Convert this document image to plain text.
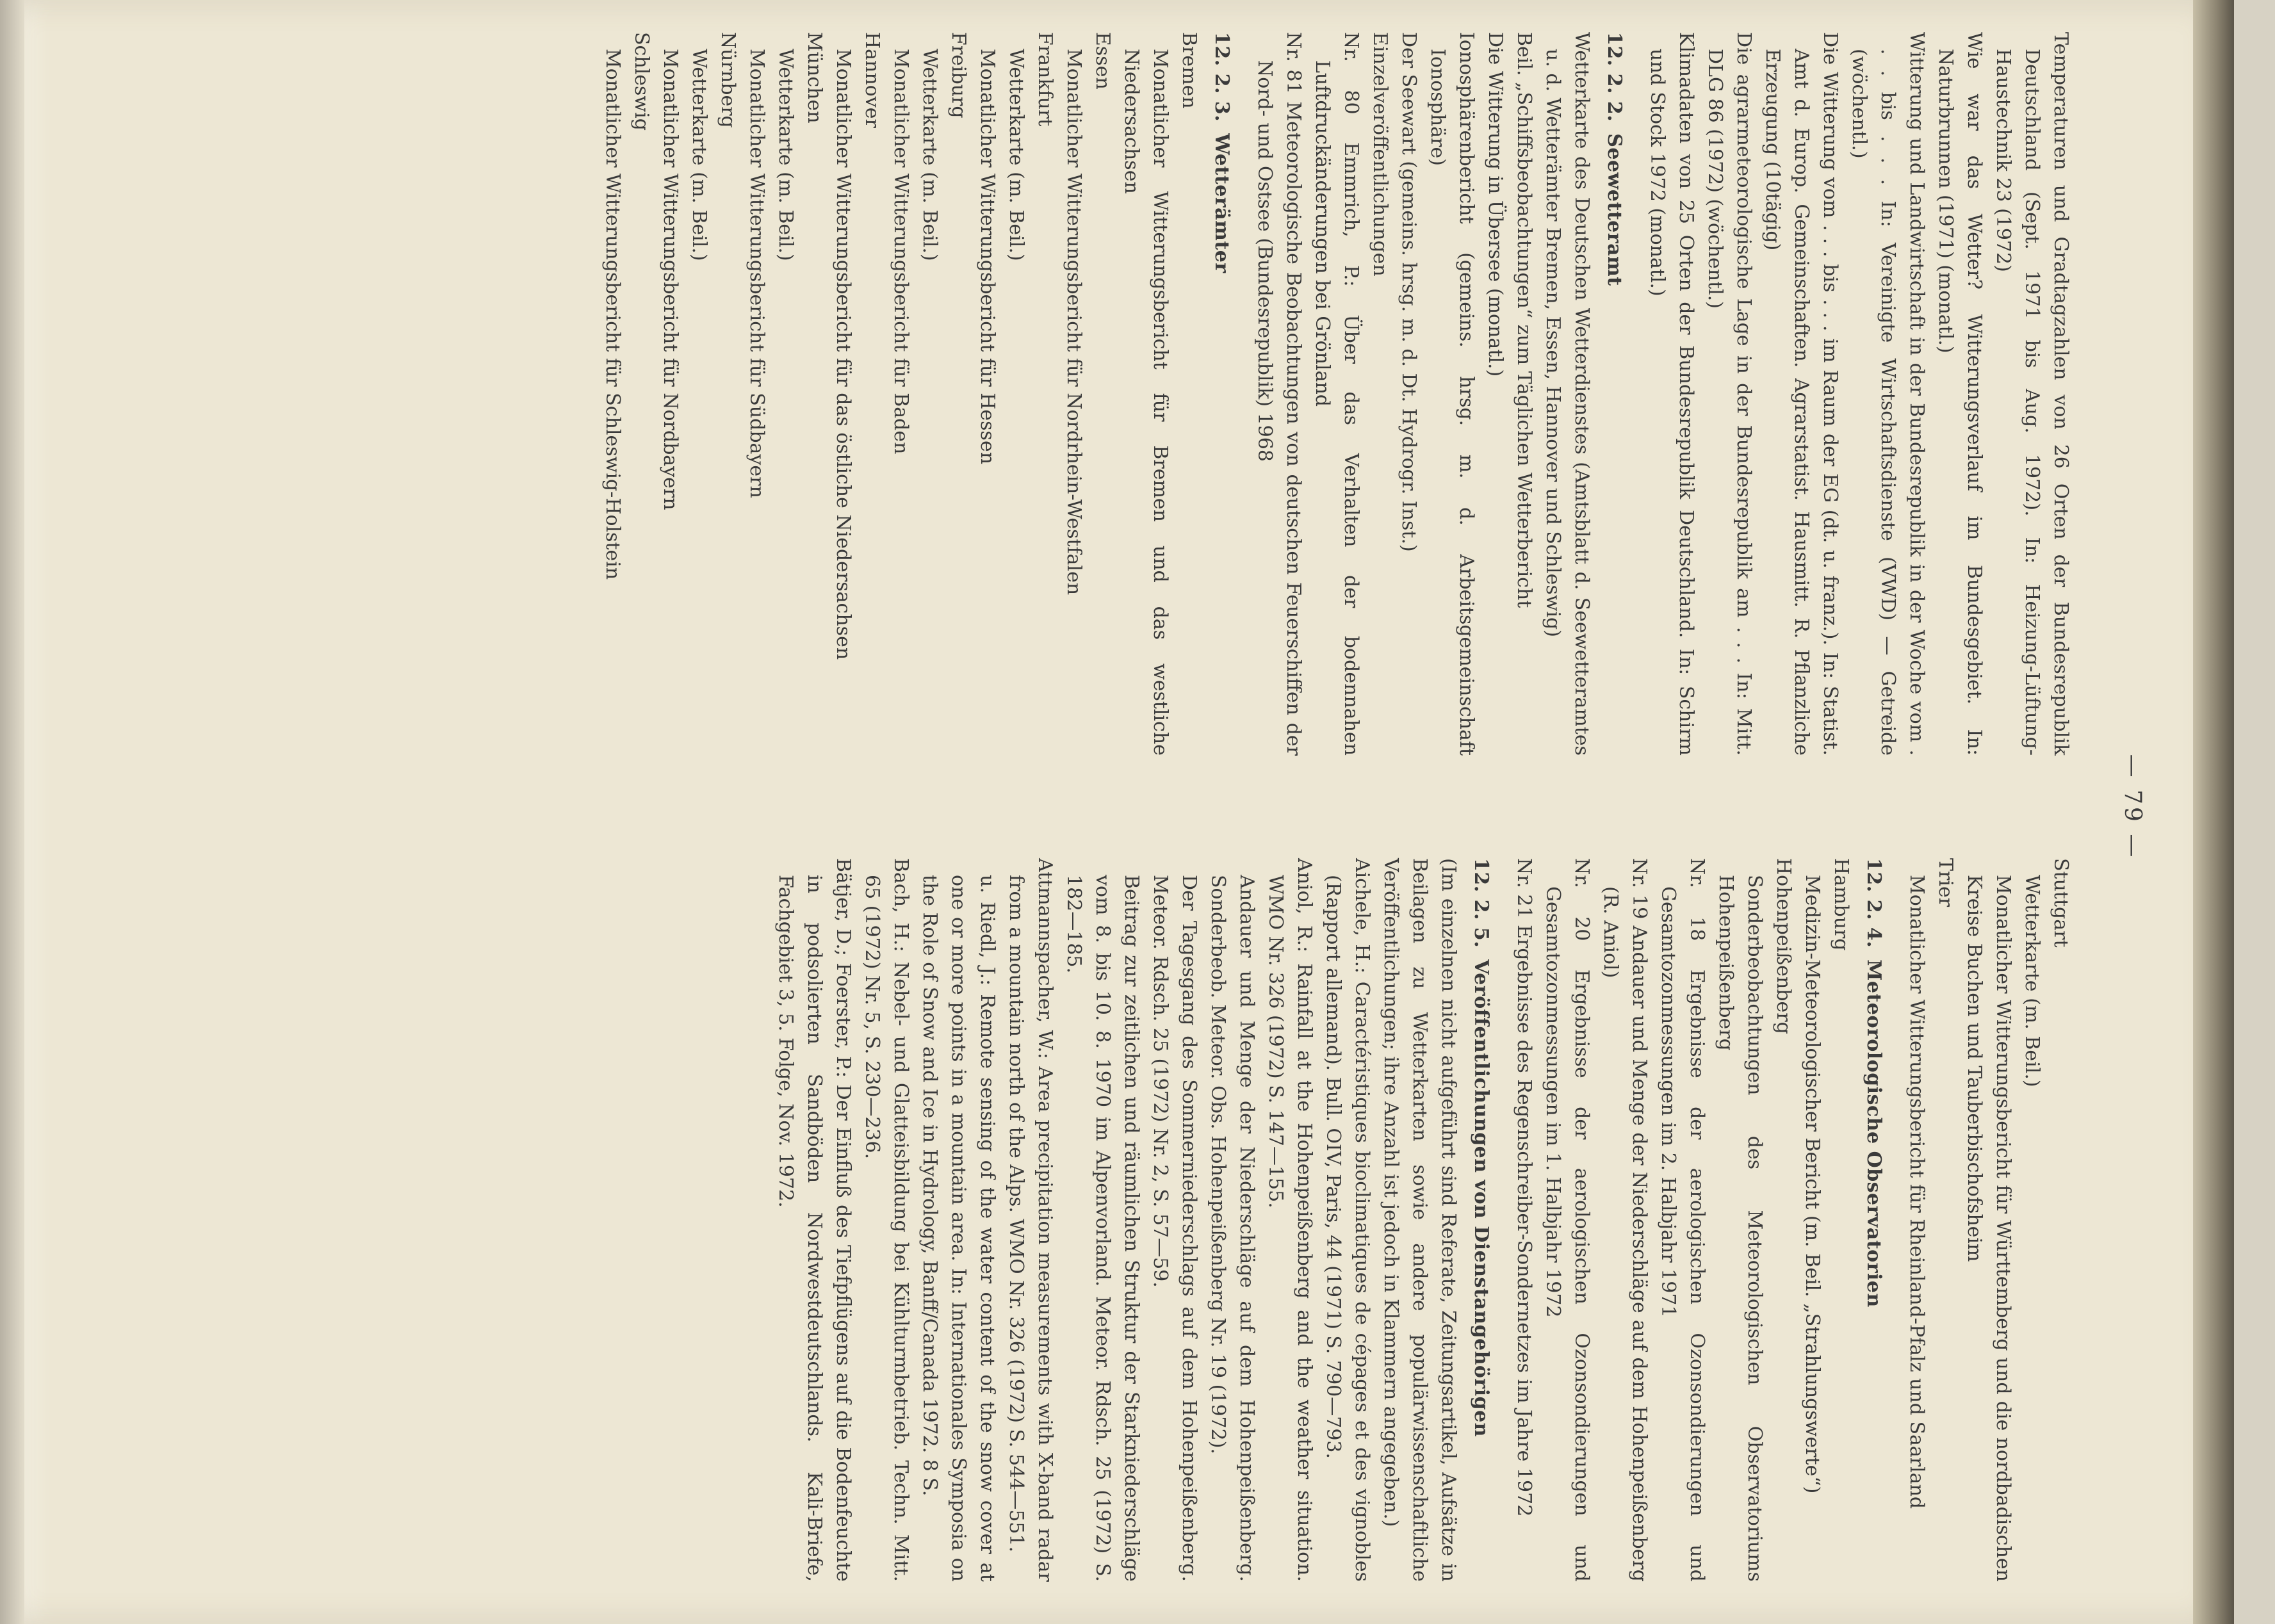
— 79 —

Temperaturen und Gradtagzahlen von 26 Orten der Bundesrepublik Deutschland (Sept. 1971 bis Aug. 1972). In: Heizung-Lüftung-Haustechnik 23 (1972)

Wie war das Wetter? Witterungsverlauf im Bundesgebiet. In: Naturbrunnen (1971) (monatl.)

Witterung und Landwirtschaft in der Bundesrepublik in der Woche vom . . . bis . . . In: Vereinigte Wirtschaftsdienste (VWD) — Getreide (wöchentl.)

Die Witterung vom . . . bis . . . im Raum der EG (dt. u. franz.). In: Statist. Amt d. Europ. Gemeinschaften. Agrarstatist. Hausmitt. R. Pflanzliche Erzeugung (10tägig)

Die agrarmeteorologische Lage in der Bundesrepublik am . . . In: Mitt. DLG 86 (1972) (wöchentl.)

Klimadaten von 25 Orten der Bundesrepublik Deutschland. In: Schirm und Stock 1972 (monatl.)

12. 2. 2.Seewetteramt

Wetterkarte des Deutschen Wetterdienstes (Amtsblatt d. Seewetteramtes u. d. Wetterämter Bremen, Essen, Hannover und Schleswig)

Beil. „Schiffsbeobachtungen“ zum Täglichen Wetterbericht

Die Witterung in Übersee (monatl.)

Ionosphärenbericht (gemeins. hrsg. m. d. Arbeitsgemeinschaft Ionosphäre)

Der Seewart (gemeins. hrsg. m. d. Dt. Hydrogr. Inst.)

Einzelveröffentlichungen

Nr. 80 Emmrich, P.: Über das Verhalten der bodennahen Luftdruckänderungen bei Grönland

Nr. 81 Meteorologische Beobachtungen von deutschen Feuerschiffen der Nord- und Ostsee (Bundesrepublik) 1968

12. 2. 3.Wetterämter

Bremen

Monatlicher Witterungsbericht für Bremen und das westliche Niedersachsen

Essen

Monatlicher Witterungsbericht für Nordrhein-Westfalen

Frankfurt

Wetterkarte (m. Beil.)

Monatlicher Witterungsbericht für Hessen

Freiburg

Wetterkarte (m. Beil.)

Monatlicher Witterungsbericht für Baden

Hannover

Monatlicher Witterungsbericht für das östliche Niedersachsen

München

Wetterkarte (m. Beil.)

Monatlicher Witterungsbericht für Südbayern

Nürnberg

Wetterkarte (m. Beil.)

Monatlicher Witterungsbericht für Nordbayern

Schleswig

Monatlicher Witterungsbericht für Schleswig-Holstein

Stuttgart

Wetterkarte (m. Beil.)

Monatlicher Witterungsbericht für Württemberg und die nordbadischen Kreise Buchen und Tauberbischofsheim

Trier

Monatlicher Witterungsbericht für Rheinland-Pfalz und Saarland

12. 2. 4.Meteorologische Observatorien

Hamburg

Medizin-Meteorologischer Bericht (m. Beil. „Strahlungswerte“)

Hohenpeißenberg

Sonderbeobachtungen des Meteorologischen Observatoriums Hohenpeißenberg

Nr. 18 Ergebnisse der aerologischen Ozonsondierungen und Gesamtozonmessungen im 2. Halbjahr 1971

Nr. 19 Andauer und Menge der Niederschläge auf dem Hohenpeißenberg (R. Aniol)

Nr. 20 Ergebnisse der aerologischen Ozonsondierungen und Gesamtozonmessungen im 1. Halbjahr 1972

Nr. 21 Ergebnisse des Regenschreiber-Sondernetzes im Jahre 1972

12. 2. 5.Veröffentlichungen von Dienstangehörigen

(Im einzelnen nicht aufgeführt sind Referate, Zeitungsartikel, Aufsätze in Beilagen zu Wetterkarten sowie andere populärwissenschaftliche Veröffentlichungen; ihre Anzahl ist jedoch in Klammern angegeben.)

Aichele, H.: Caractéristiques bioclimatiques de cépages et des vignobles (Rapport allemand). Bull. OIV, Paris, 44 (1971) S. 790—793.

Aniol, R.: Rainfall at the Hohenpeißenberg and the weather situation. WMO Nr. 326 (1972) S. 147—155.

Andauer und Menge der Niederschläge auf dem Hohenpeißenberg. Sonderbeob. Meteor. Obs. Hohenpeißenberg Nr. 19 (1972).

Der Tagesgang des Sommerniederschlags auf dem Hohenpeißenberg. Meteor. Rdsch. 25 (1972) Nr. 2, S. 57—59.

Beitrag zur zeitlichen und räumlichen Struktur der Starkniederschläge vom 8. bis 10. 8. 1970 im Alpenvorland. Meteor. Rdsch. 25 (1972) S. 182—185.

Attmannspacher, W.: Area precipitation measurements with X-band radar from a mountain north of the Alps. WMO Nr. 326 (1972) S. 544—551.

u. Riedl, J.: Remote sensing of the water content of the snow cover at one or more points in a mountain area. In: Internationales Symposia on the Role of Snow and Ice in Hydrology, Banff/Canada 1972. 8 S.

Bach, H.: Nebel- und Glatteisbildung bei Kühlturmbetrieb. Techn. Mitt. 65 (1972) Nr. 5, S. 230—236.

Bätjer, D.; Foerster, P.: Der Einfluß des Tiefpflügens auf die Bodenfeuchte in podsolierten Sandböden Nordwestdeutschlands. Kali-Briefe, Fachgebiet 3, 5. Folge, Nov. 1972.
